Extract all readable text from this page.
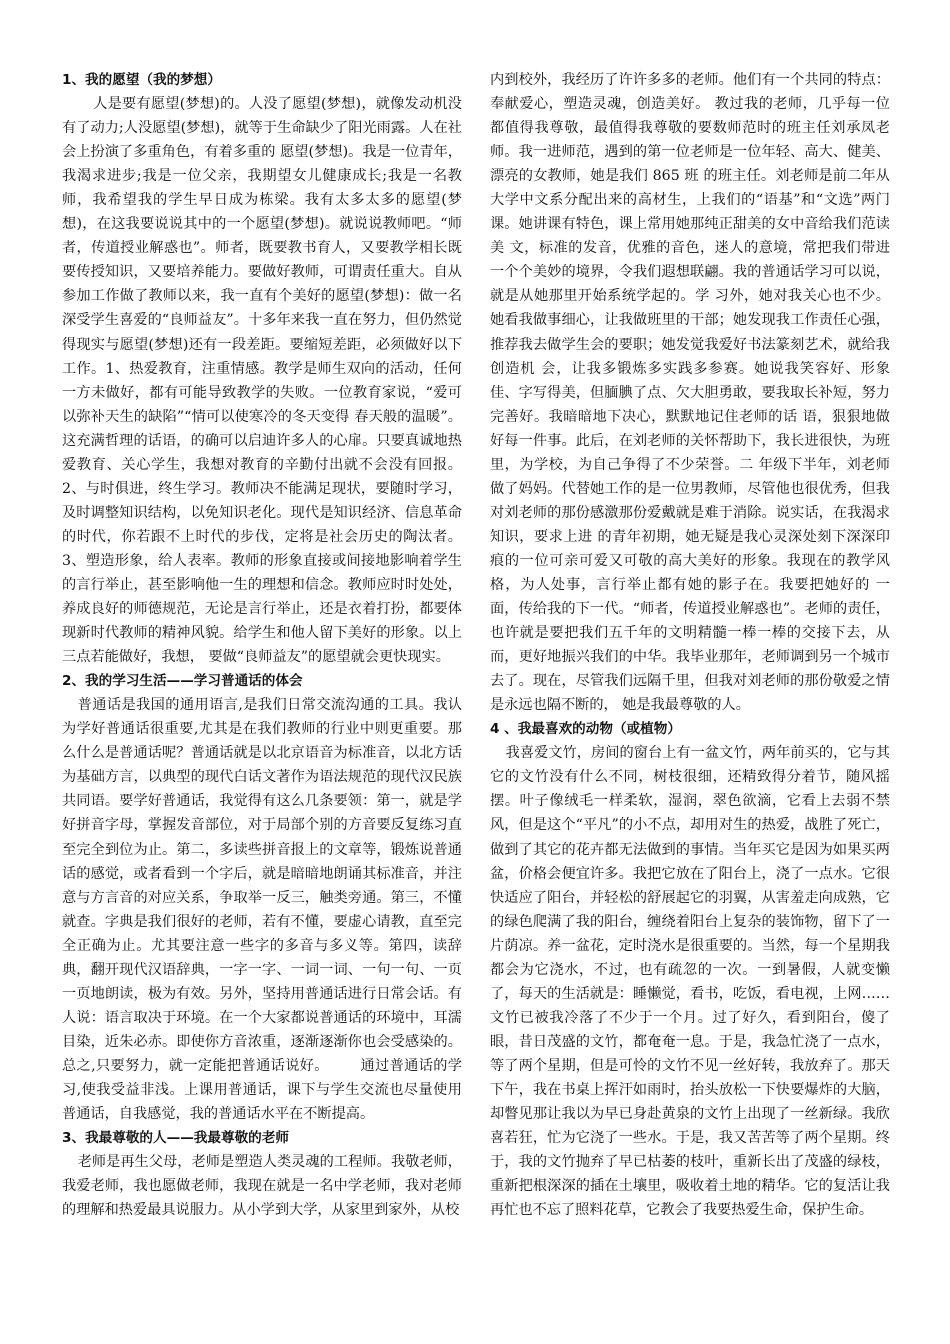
1、我的愿望（我的梦想）

人是要有愿望(梦想)的。人没了愿望(梦想)，就像发动机没有了动力;人没愿望(梦想)，就等于生命缺少了阳光雨露。人在社会上扮演了多重角色，有着多重的 愿望(梦想)。我是一位青年，我渴求进步;我是一位父亲，我期望女儿健康成长;我是一名教师，我希望我的学生早日成为栋梁。我有太多太多的愿望(梦想)，在这我要说说其中的一个愿望(梦想)。就说说教师吧。“师者，传道授业解惑也”。师者，既要教书育人，又要教学相长既要传授知识，又要培养能力。要做好教师，可谓责任重大。自从参加工作做了教师以来，我一直有个美好的愿望(梦想)：做一名深受学生喜爱的“良师益友”。十多年来我一直在努力，但仍然觉得现实与愿望(梦想)还有一段差距。要缩短差距，必须做好以下工作。1、热爱教育，注重情感。教学是师生双向的活动，任何一方未做好，都有可能导致教学的失败。一位教育家说，“爱可以弥补天生的缺陷”“情可以使寒冷的冬天变得 春天般的温暖”。这充满哲理的话语，的确可以启迪许多人的心扉。只要真诚地热爱教育、关心学生，我想对教育的辛勤付出就不会没有回报。2、与时俱进，终生学习。教师决不能满足现状，要随时学习，及时调整知识结构，以免知识老化。现代是知识经济、信息革命的时代，你若跟不上时代的步伐，定将是社会历史的陶汰者。3、塑造形象，给人表率。教师的形象直接或间接地影响着学生的言行举止，甚至影响他一生的理想和信念。教师应时时处处，养成良好的师德规范，无论是言行举止，还是衣着打扮，都要体现新时代教师的精神风貌。给学生和他人留下美好的形象。以上三点若能做好，我想， 要做“良师益友”的愿望就会更快现实。

2、我的学习生活——学习普通话的体会

普通话是我国的通用语言,是我们日常交流沟通的工具。我认为学好普通话很重要,尤其是在我们教师的行业中则更重要。那么什么是普通话呢？普通话就是以北京语音为标准音，以北方话为基础方言，以典型的现代白话文著作为语法规范的现代汉民族共同语。要学好普通话，我觉得有这么几条要领：第一，就是学好拼音字母，掌握发音部位，对于局部个别的方音要反复练习直至完全到位为止。第二，多读些拼音报上的文章等，锻炼说普通话的感觉，或者看到一个字后，就是暗暗地朗诵其标准音，并注意与方言音的对应关系，争取举一反三，触类旁通。第三，不懂就查。字典是我们很好的老师，若有不懂，要虚心请教，直至完全正确为止。尤其要注意一些字的多音与多义等。第四，读辞典，翻开现代汉语辞典，一字一字、一词一词、一句一句、一页一页地朗读，极为有效。另外，坚持用普通话进行日常会话。有人说：语言取决于环境。在一个大家都说普通话的环境中，耳濡目染，近朱必赤。即使你方音浓重，逐渐逐渐你也会受感染的。总之,只要努力，就一定能把普通话说好。 通过普通话的学习,使我受益非浅。上课用普通话，课下与学生交流也尽量使用普通话，自我感觉，我的普通话水平在不断提高。

3、我最尊敬的人——我最尊敬的老师

老师是再生父母，老师是塑造人类灵魂的工程师。我敬老师，我爱老师，我也愿做老师，我现在就是一名中学老师，我对老师的理解和热爱最具说服力。从小学到大学，从家里到家外，从校

内到校外，我经历了许许多多的老师。他们有一个共同的特点：奉献爱心，塑造灵魂，创造美好。 教过我的老师，几乎每一位都值得我尊敬，最值得我尊敬的要数师范时的班主任刘承凤老师。我一进师范，遇到的第一位老师是一位年轻、高大、健美、漂亮的女教师，她是我们 865 班 的班主任。刘老师是前二年从大学中文系分配出来的高材生，上我们的“语基”和“文选”两门课。她讲课有特色，课上常用她那纯正甜美的女中音给我们范读美 文，标准的发音，优雅的音色，迷人的意境，常把我们带进一个个美妙的境界，令我们遐想联翩。我的普通话学习可以说，就是从她那里开始系统学起的。学 习外，她对我关心也不少。她看我做事细心，让我做班里的干部；她发现我工作责任心强，推荐我去做学生会的要职；她发觉我爱好书法篆刻艺术，就给我创造机 会，让我多锻炼多实践多参赛。她说我笑容好、形象佳、字写得美，但腼腆了点、欠大胆勇敢，要我取长补短，努力完善好。我暗暗地下决心，默默地记住老师的话 语，狠狠地做好每一件事。此后，在刘老师的关怀帮助下，我长进很快，为班里，为学校，为自己争得了不少荣誉。二 年级下半年，刘老师做了妈妈。代替她工作的是一位男教师，尽管他也很优秀，但我对刘老师的那份感激那份爱戴就是难于消除。说实话，在我渴求知识，要求上进 的青年初期，她无疑是我心灵深处刻下深深印痕的一位可亲可爱又可敬的高大美好的形象。我现在的教学风格，为人处事，言行举止都有她的影子在。我要把她好的 一面，传给我的下一代。“师者，传道授业解惑也”。老师的责任，也许就是要把我们五千年的文明精髓一棒一棒的交接下去，从而，更好地振兴我们的中华。我毕业那年，老师调到另一个城市去了。现在，尽管我们远隔千里，但我对刘老师的那份敬爱之情是永远也隔不断的， 她是我最尊敬的人。

4 、我最喜欢的动物（或植物）

我喜爱文竹，房间的窗台上有一盆文竹，两年前买的，它与其它的文竹没有什么不同，树枝很细，还精致得分着节，随风摇摆。叶子像绒毛一样柔软，湿润，翠色欲滴，它看上去弱不禁风，但是这个“平凡”的小不点，却用对生的热爱，战胜了死亡，做到了其它的花卉都无法做到的事情。当年买它是因为如果买两盆，价格会便宜许多。我把它放在了阳台上，浇了一点水。它很快适应了阳台，并轻松的舒展起它的羽翼，从害羞走向成熟，它的绿色爬满了我的阳台，缠绕着阳台上复杂的装饰物，留下了一片荫凉。养一盆花，定时浇水是很重要的。当然，每一个星期我都会为它浇水，不过，也有疏忽的一次。一到暑假，人就变懒了，每天的生活就是：睡懒觉，看书，吃饭，看电视，上网……文竹已被我冷落了不少于一个月。过了好久，看到阳台，傻了眼，昔日茂盛的文竹，都奄奄一息。于是，我急忙浇了一点水，等了两个星期，但是可怜的文竹不见一丝好转，我放弃了。那天下午，我在书桌上挥汗如雨时，抬头放松一下快要爆炸的大脑，却瞥见那让我以为早已身赴黄泉的文竹上出现了一丝新绿。我欣喜若狂，忙为它浇了一些水。于是，我又苦苦等了两个星期。终于，我的文竹抛弃了早已枯萎的枝叶，重新长出了茂盛的绿枝，重新把根深深的插在土壤里，吸收着土地的精华。它的复活让我再忙也不忘了照料花草，它教会了我要热爱生命，保护生命。
